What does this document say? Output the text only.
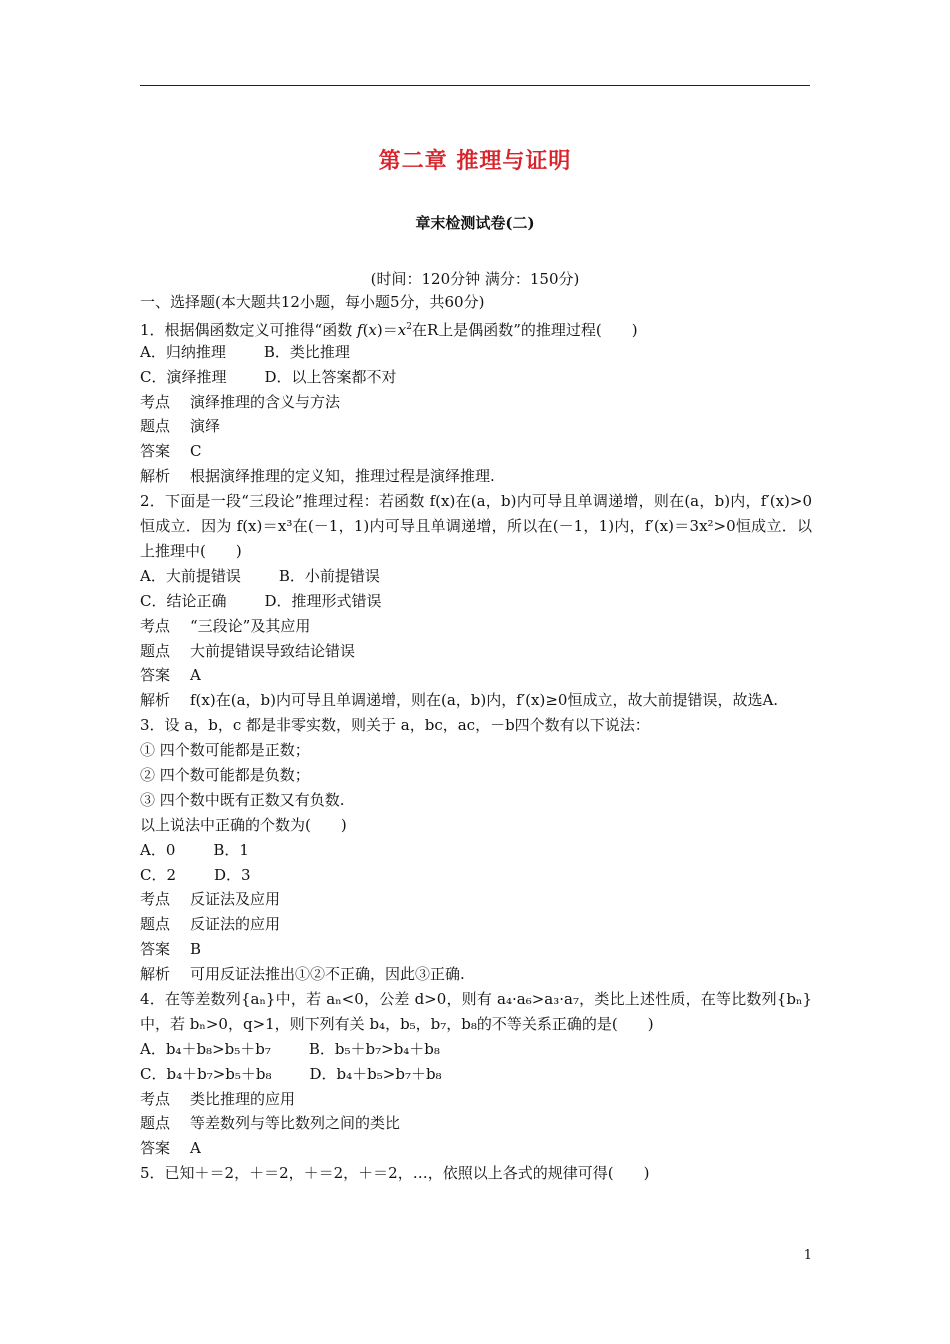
第二章 推理与证明
章末检测试卷(二)
(时间：120分钟 满分：150分)
一、选择题(本大题共12小题，每小题5分，共60分)
1．根据偶函数定义可推得“函数 $f(x)=x^2$在R上是偶函数”的推理过程(　　)
A．归纳推理	B．类比推理
C．演绎推理	D．以上答案都不对
考点 演绎推理的含义与方法
题点 演绎
答案 C
解析 根据演绎推理的定义知，推理过程是演绎推理.
2．下面是一段“三段论”推理过程：若函数 f(x)在(a，b)内可导且单调递增，则在(a，b)内，f′(x)>0恒成立．因为 f(x)＝x³在(－1，1)内可导且单调递增，所以在(－1，1)内，f′(x)＝3x²>0恒成立．以上推理中(　　)
A．大前提错误	B．小前提错误
C．结论正确	D．推理形式错误
考点 “三段论”及其应用
题点 大前提错误导致结论错误
答案 A
解析 f(x)在(a，b)内可导且单调递增，则在(a，b)内，f′(x)≥0恒成立，故大前提错误，故选A.
3．设 a，b，c 都是非零实数，则关于 a，bc，ac，－b四个数有以下说法：
① 四个数可能都是正数；
② 四个数可能都是负数；
③ 四个数中既有正数又有负数.
以上说法中正确的个数为(　　)
A．0	B．1
C．2	D．3
考点 反证法及应用
题点 反证法的应用
答案 B
解析 可用反证法推出①②不正确，因此③正确.
4．在等差数列{aₙ}中，若 aₙ<0，公差 d>0，则有 a₄·a₆>a₃·a₇，类比上述性质，在等比数列{bₙ}中，若 bₙ>0，q>1，则下列有关 b₄，b₅，b₇，b₈的不等关系正确的是(　　)
A．b₄＋b₈>b₅＋b₇	B．b₅＋b₇>b₄＋b₈
C．b₄＋b₇>b₅＋b₈	D．b₄＋b₅>b₇＋b₈
考点 类比推理的应用
题点 等差数列与等比数列之间的类比
答案 A
5．已知＋＝2，＋＝2，＋＝2，＋＝2，…，依照以上各式的规律可得(　　)
1
